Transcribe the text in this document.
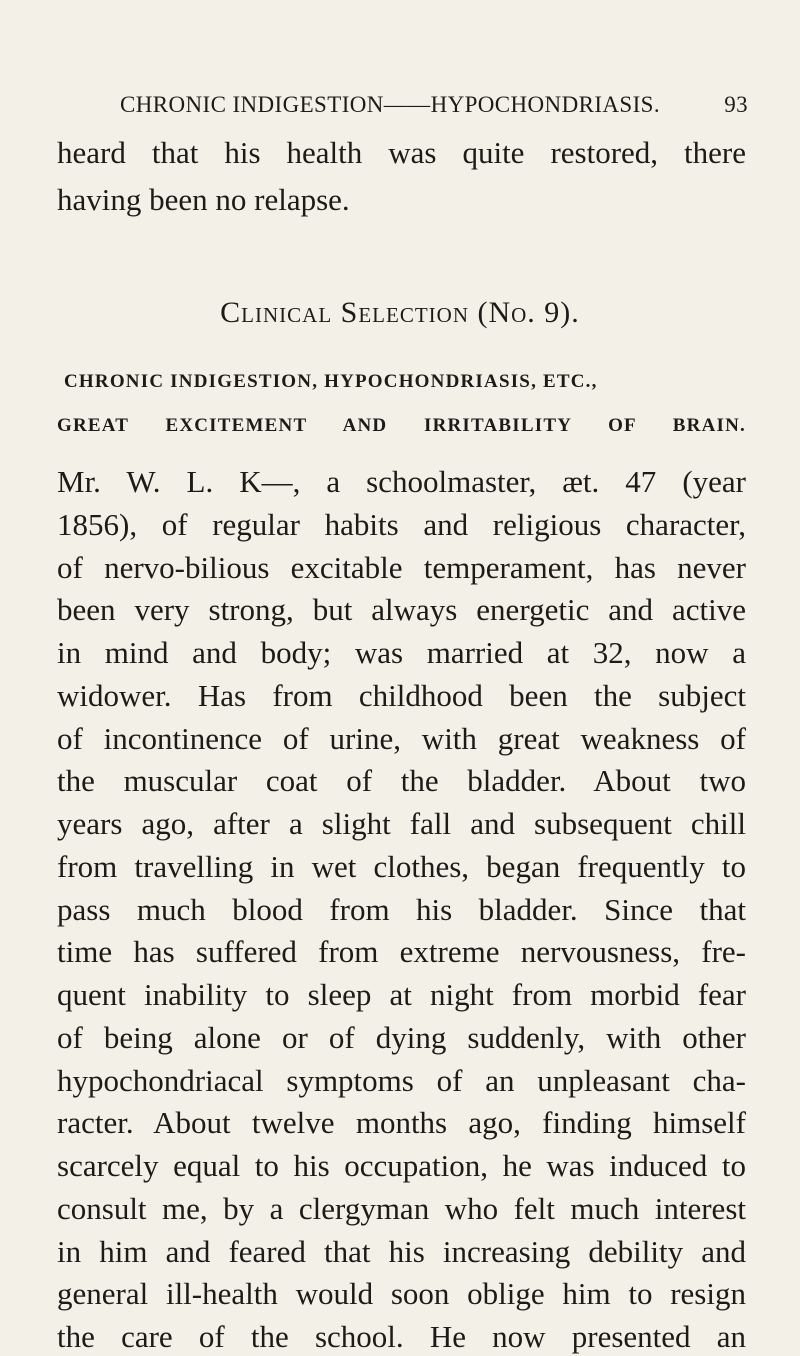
CHRONIC INDIGESTION——HYPOCHONDRIASIS.	93
heard that his health was quite restored, there
having been no relapse.
Clinical Selection (No. 9).
CHRONIC INDIGESTION, HYPOCHONDRIASIS, ETC.,
GREAT EXCITEMENT AND IRRITABILITY OF BRAIN.
Mr. W. L. K—, a schoolmaster, æt. 47 (year
1856), of regular habits and religious character,
of nervo-bilious excitable temperament, has never
been very strong, but always energetic and active
in mind and body; was married at 32, now a
widower. Has from childhood been the subject
of incontinence of urine, with great weakness of
the muscular coat of the bladder. About two
years ago, after a slight fall and subsequent chill
from travelling in wet clothes, began frequently to
pass much blood from his bladder. Since that
time has suffered from extreme nervousness, fre-
quent inability to sleep at night from morbid fear
of being alone or of dying suddenly, with other
hypochondriacal symptoms of an unpleasant cha-
racter. About twelve months ago, finding himself
scarcely equal to his occupation, he was induced to
consult me, by a clergyman who felt much interest
in him and feared that his increasing debility and
general ill-health would soon oblige him to resign
the care of the school. He now presented an
